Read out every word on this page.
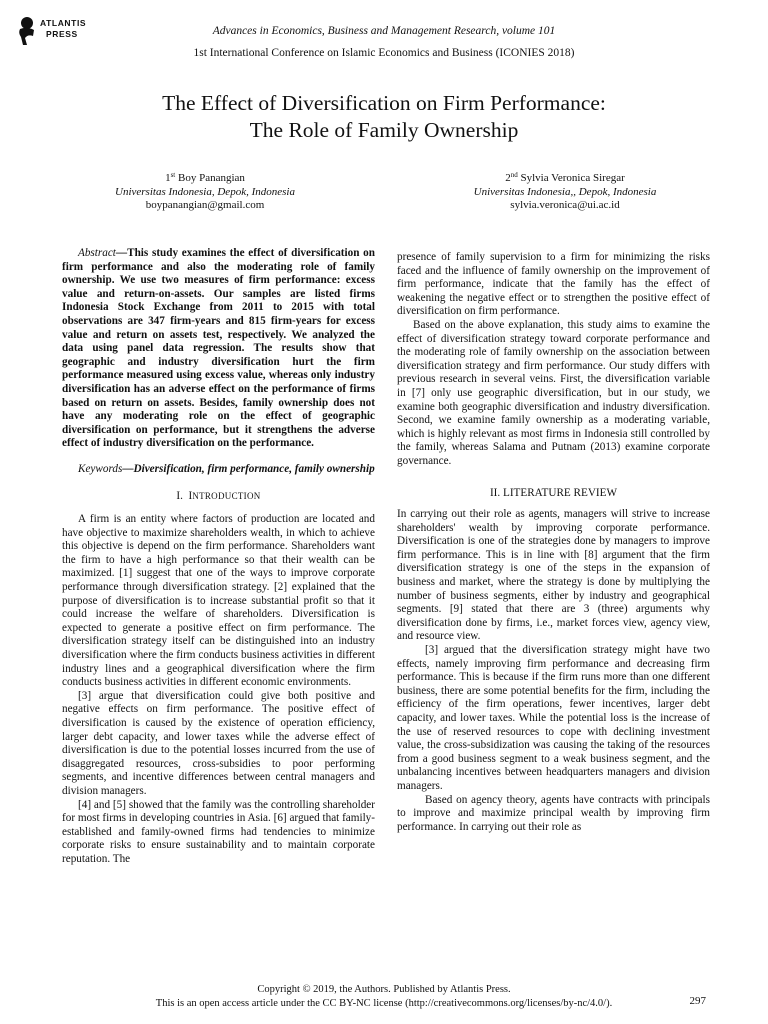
ATLANTIS
PRESS	Advances in Economics, Business and Management Research, volume 101
1st International Conference on Islamic Economics and Business (ICONIES 2018)
The Effect of Diversification on Firm Performance:
The Role of Family Ownership
1st Boy Panangian
Universitas Indonesia, Depok, Indonesia
boypanangian@gmail.com
2nd Sylvia Veronica Siregar
Universitas Indonesia,, Depok, Indonesia
sylvia.veronica@ui.ac.id

Abstract—This study examines the effect of diversification on firm performance and also the moderating role of family ownership. We use two measures of firm performance: excess value and return-on-assets. Our samples are listed firms Indonesia Stock Exchange from 2011 to 2015 with total observations are 347 firm-years and 815 firm-years for excess value and return on assets test, respectively. We analyzed the data using panel data regression. The results show that geographic and industry diversification hurt the firm performance measured using excess value, whereas only industry diversification has an adverse effect on the performance of firms based on return on assets. Besides, family ownership does not have any moderating role on the effect of geographic diversification on performance, but it strengthens the adverse effect of industry diversification on the performance.

Keywords—Diversification, firm performance, family ownership

I. INTRODUCTION

A firm is an entity where factors of production are located and have objective to maximize shareholders wealth, in which to achieve this objective is depend on the firm performance. Shareholders want the firm to have a high performance so that their wealth can be maximized. [1] suggest that one of the ways to improve corporate performance through diversification strategy. [2] explained that the purpose of diversification is to increase substantial profit so that it could increase the welfare of shareholders. Diversification is expected to generate a positive effect on firm performance. The diversification strategy itself can be distinguished into an industry diversification where the firm conducts business activities in different industry lines and a geographical diversification where the firm conducts business activities in different economic environments.

[3] argue that diversification could give both positive and negative effects on firm performance. The positive effect of diversification is caused by the existence of operation efficiency, larger debt capacity, and lower taxes while the adverse effect of diversification is due to the potential losses incurred from the use of disaggregated resources, cross-subsidies to poor performing segments, and incentive differences between central managers and division managers.

[4] and [5] showed that the family was the controlling shareholder for most firms in developing countries in Asia. [6] argued that family-established and family-owned firms had tendencies to minimize corporate risks to ensure sustainability and to maintain corporate reputation. The

presence of family supervision to a firm for minimizing the risks faced and the influence of family ownership on the improvement of firm performance, indicate that the family has the effect of weakening the negative effect or to strengthen the positive effect of diversification on firm performance.

Based on the above explanation, this study aims to examine the effect of diversification strategy toward corporate performance and the moderating role of family ownership on the association between diversification strategy and firm performance. Our study differs with previous research in several veins. First, the diversification variable in [7] only use geographic diversification, but in our study, we examine both geographic diversification and industry diversification. Second, we examine family ownership as a moderating variable, which is highly relevant as most firms in Indonesia still controlled by the family, whereas Salama and Putnam (2013) examine corporate governance.

II. LITERATURE REVIEW

In carrying out their role as agents, managers will strive to increase shareholders' wealth by improving corporate performance. Diversification is one of the strategies done by managers to improve firm performance. This is in line with [8] argument that the firm diversification strategy is one of the steps in the expansion of business and market, where the strategy is done by multiplying the number of business segments, either by industry and geographical segments. [9] stated that there are 3 (three) arguments why diversification done by firms, i.e., market forces view, agency view, and resource view.

[3] argued that the diversification strategy might have two effects, namely improving firm performance and decreasing firm performance. This is because if the firm runs more than one different business, there are some potential benefits for the firm, including the efficiency of the firm operations, fewer incentives, larger debt capacity, and lower taxes. While the potential loss is the increase of the use of reserved resources to cope with declining investment value, the cross-subsidization was causing the taking of the resources from a good business segment to a weak business segment, and the unbalancing incentives between headquarters managers and division managers.

Based on agency theory, agents have contracts with principals to improve and maximize principal wealth by improving firm performance. In carrying out their role as

Copyright © 2019, the Authors. Published by Atlantis Press.
This is an open access article under the CC BY-NC license (http://creativecommons.org/licenses/by-nc/4.0/).	297
